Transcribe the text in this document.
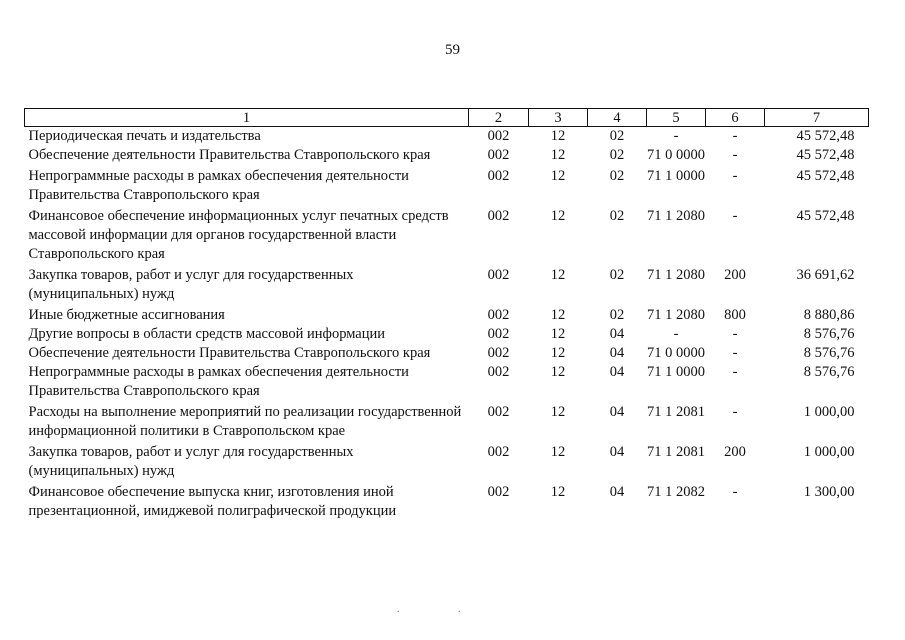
59
1	2	3	4	5	6	7
Периодическая печать и издательства	002	12	02	-	-	45 572,48
Обеспечение деятельности Правительства Ставропольского края	002	12	02	71 0 0000	-	45 572,48
Непрограммные расходы в рамках обеспечения деятельности Правительства Ставропольского края	002	12	02	71 1 0000	-	45 572,48
Финансовое обеспечение информационных услуг печатных средств массовой информации для органов государственной власти Ставропольского края	002	12	02	71 1 2080	-	45 572,48
Закупка товаров, работ и услуг для государственных (муниципальных) нужд	002	12	02	71 1 2080	200	36 691,62
Иные бюджетные ассигнования	002	12	02	71 1 2080	800	8 880,86
Другие вопросы в области средств массовой информации	002	12	04	-	-	8 576,76
Обеспечение деятельности Правительства Ставропольского края	002	12	04	71 0 0000	-	8 576,76
Непрограммные расходы в рамках обеспечения деятельности Правительства Ставропольского края	002	12	04	71 1 0000	-	8 576,76
Расходы на выполнение мероприятий по реализации государственной информационной политики в Ставропольском крае	002	12	04	71 1 2081	-	1 000,00
Закупка товаров, работ и услуг для государственных (муниципальных) нужд	002	12	04	71 1 2081	200	1 000,00
Финансовое обеспечение выпуска книг, изготовления иной презентационной, имиджевой полиграфической продукции	002	12	04	71 1 2082	-	1 300,00
. .
